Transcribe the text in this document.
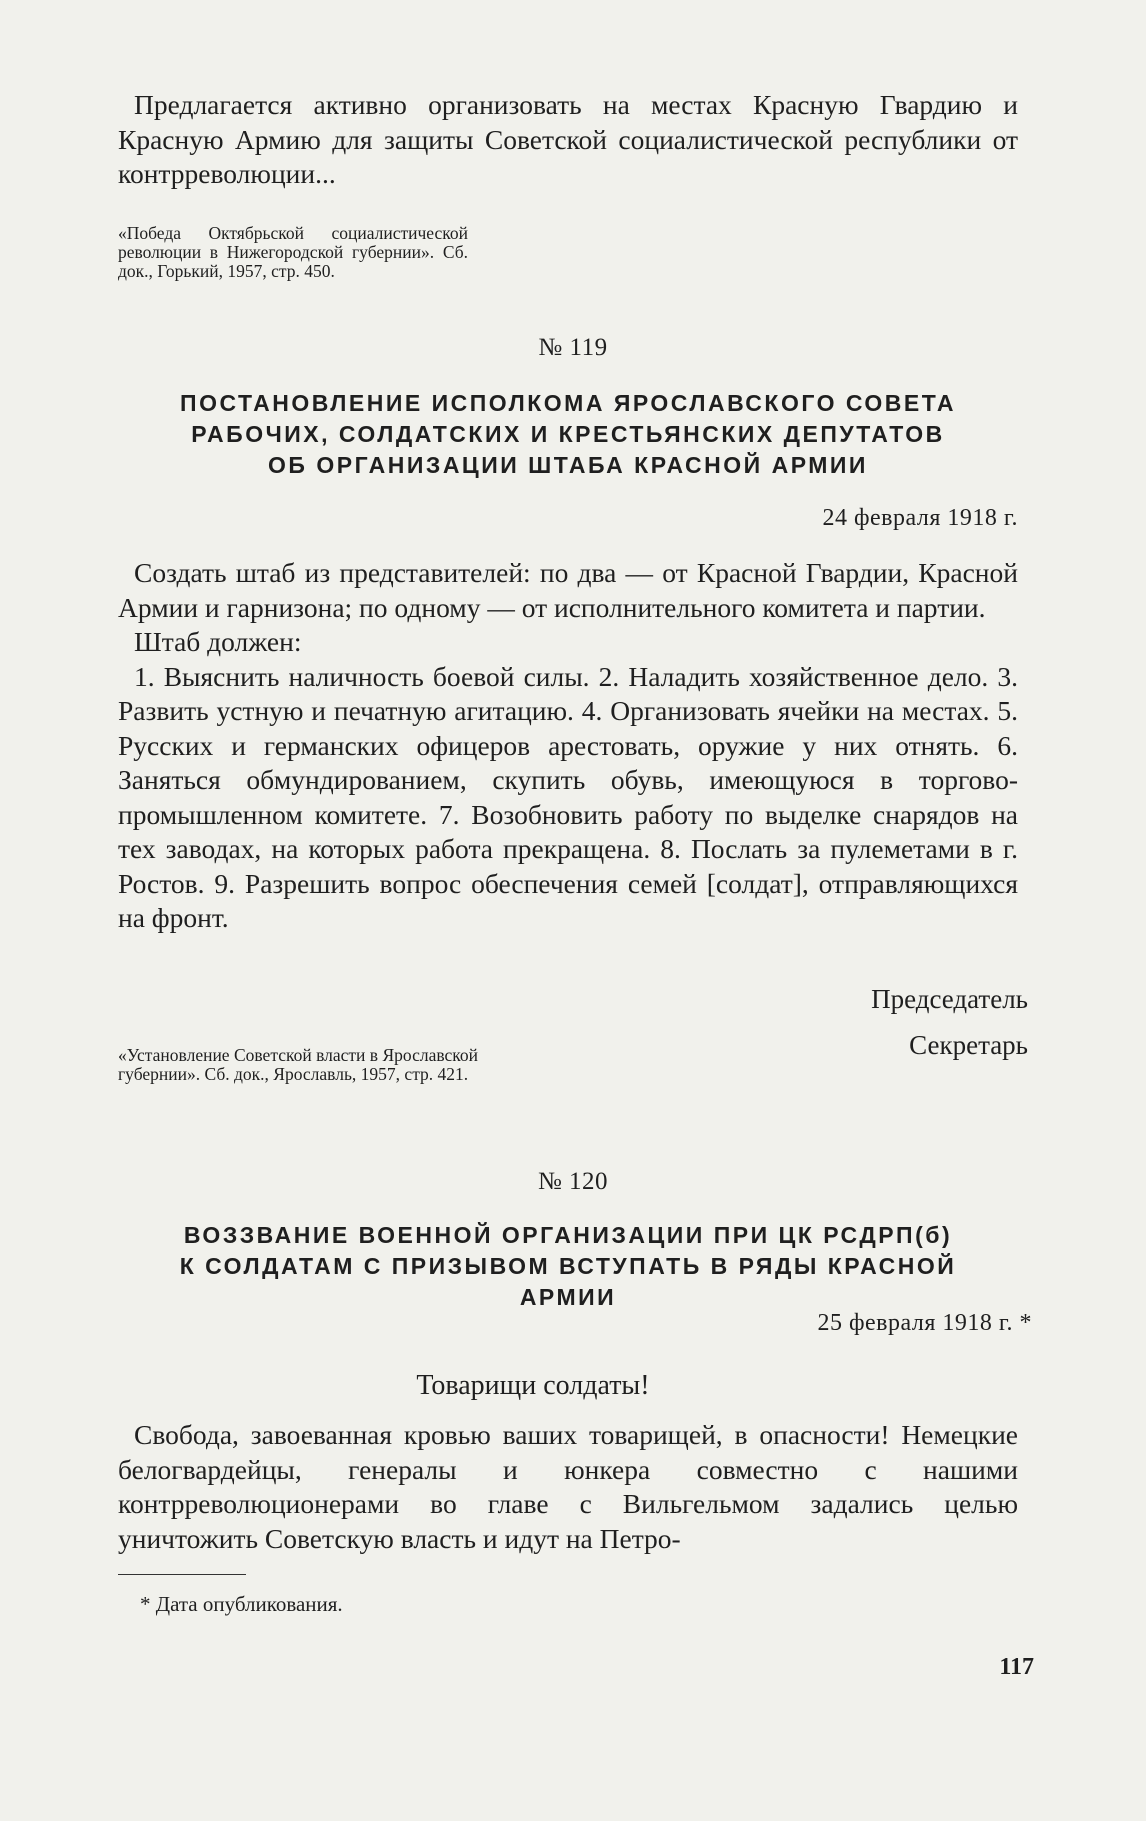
Предлагается активно организовать на местах Красную Гвардию и Красную Армию для защиты Советской социалистической республики от контрреволюции...

«Победа Октябрьской социалистической революции в Нижегородской губернии». Сб. док., Горький, 1957, стр. 450.

№ 119
ПОСТАНОВЛЕНИЕ ИСПОЛКОМА ЯРОСЛАВСКОГО СОВЕТА
РАБОЧИХ, СОЛДАТСКИХ И КРЕСТЬЯНСКИХ ДЕПУТАТОВ
ОБ ОРГАНИЗАЦИИ ШТАБА КРАСНОЙ АРМИИ
24 февраля 1918 г.

Создать штаб из представителей: по два — от Красной Гвардии, Красной Армии и гарнизона; по одному — от исполнительного комитета и партии.

Штаб должен:

1. Выяснить наличность боевой силы. 2. Наладить хозяйственное дело. 3. Развить устную и печатную агитацию. 4. Организовать ячейки на местах. 5. Русских и германских офицеров арестовать, оружие у них отнять. 6. Заняться обмундированием, скупить обувь, имеющуюся в торгово-промышленном комитете. 7. Возобновить работу по выделке снарядов на тех заводах, на которых работа прекращена. 8. Послать за пулеметами в г. Ростов. 9. Разрешить вопрос обеспечения семей [солдат], отправляющихся на фронт.

Председатель
Секретарь

«Установление Советской власти в Ярославской губернии». Сб. док., Ярославль, 1957, стр. 421.

№ 120
ВОЗЗВАНИЕ ВОЕННОЙ ОРГАНИЗАЦИИ ПРИ ЦК РСДРП(б)
К СОЛДАТАМ С ПРИЗЫВОМ ВСТУПАТЬ В РЯДЫ КРАСНОЙ
АРМИИ
25 февраля 1918 г. *
Товарищи солдаты!

Свобода, завоеванная кровью ваших товарищей, в опасности! Немецкие белогвардейцы, генералы и юнкера совместно с нашими контрреволюционерами во главе с Вильгельмом задались целью уничтожить Советскую власть и идут на Петро-

* Дата опубликования.
117
